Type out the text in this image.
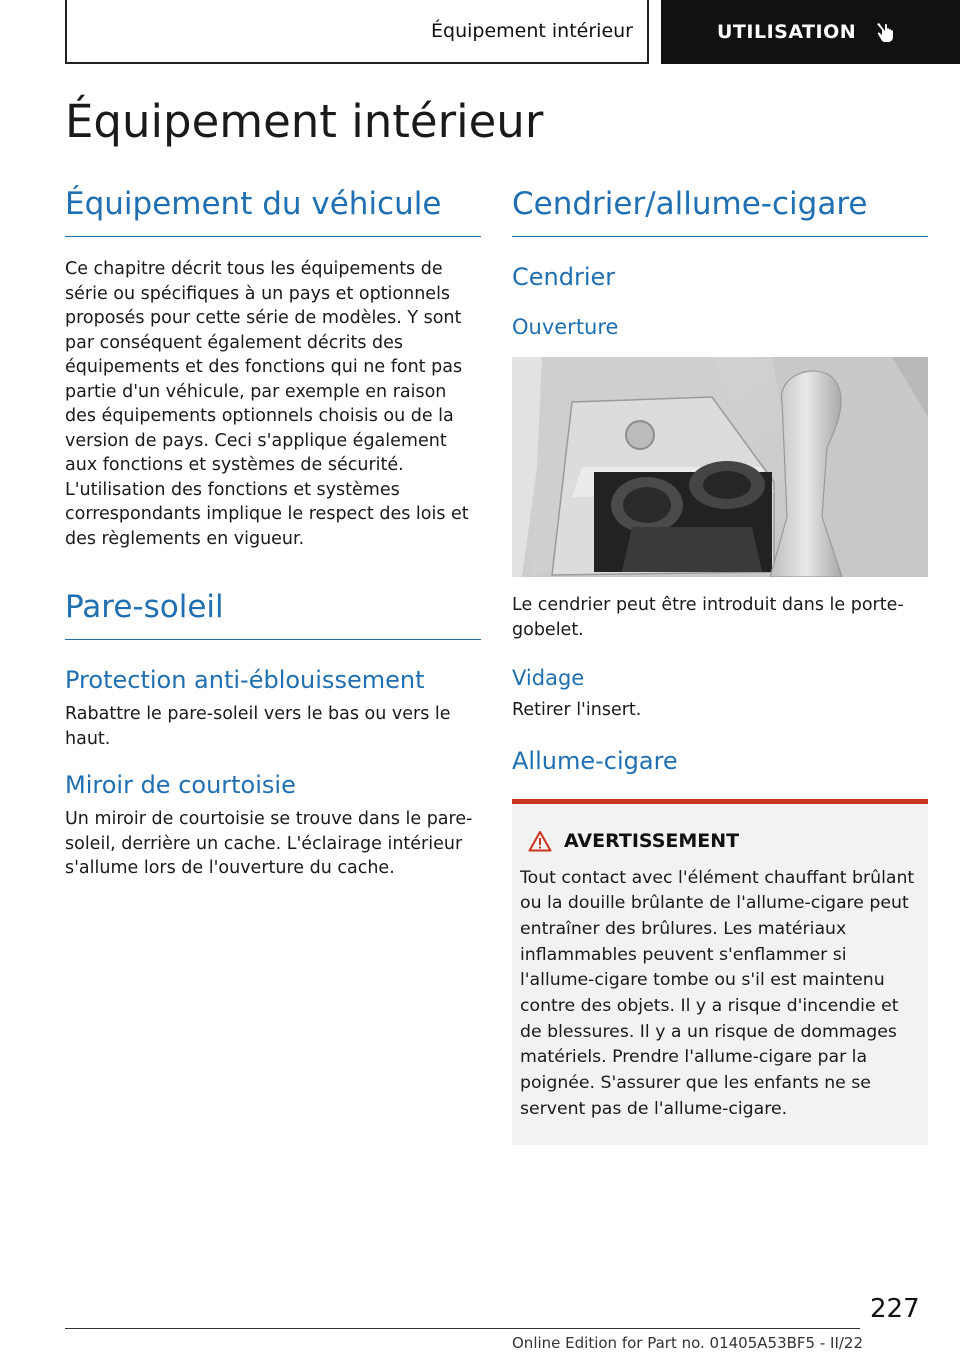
Équipement intérieur	UTILISATION
Équipement intérieur
Équipement du véhicule

Ce chapitre décrit tous les équipements de série ou spécifiques à un pays et optionnels proposés pour cette série de modèles. Y sont par conséquent également décrits des équipements et des fonctions qui ne font pas partie d'un véhicule, par exemple en raison des équipements optionnels choisis ou de la version de pays. Ceci s'applique également aux fonctions et systèmes de sécurité. L'utilisation des fonctions et systèmes correspondants implique le respect des lois et des règlements en vigueur.

Pare-soleil
Protection anti-éblouissement

Rabattre le pare-soleil vers le bas ou vers le haut.

Miroir de courtoisie

Un miroir de courtoisie se trouve dans le pare-soleil, derrière un cache. L'éclairage intérieur s'allume lors de l'ouverture du cache.

Cendrier/allume-cigare
Cendrier
Ouverture

Le cendrier peut être introduit dans le porte-gobelet.

Vidage

Retirer l'insert.

Allume-cigare
AVERTISSEMENT

Tout contact avec l'élément chauffant brûlant ou la douille brûlante de l'allume-cigare peut entraîner des brûlures. Les matériaux inflammables peuvent s'enflammer si l'allume-cigare tombe ou s'il est maintenu contre des objets. Il y a risque d'incendie et de blessures. Il y a un risque de dommages matériels. Prendre l'allume-cigare par la poignée. S'assurer que les enfants ne se servent pas de l'allume-cigare.

227
Online Edition for Part no. 01405A53BF5 - II/22
